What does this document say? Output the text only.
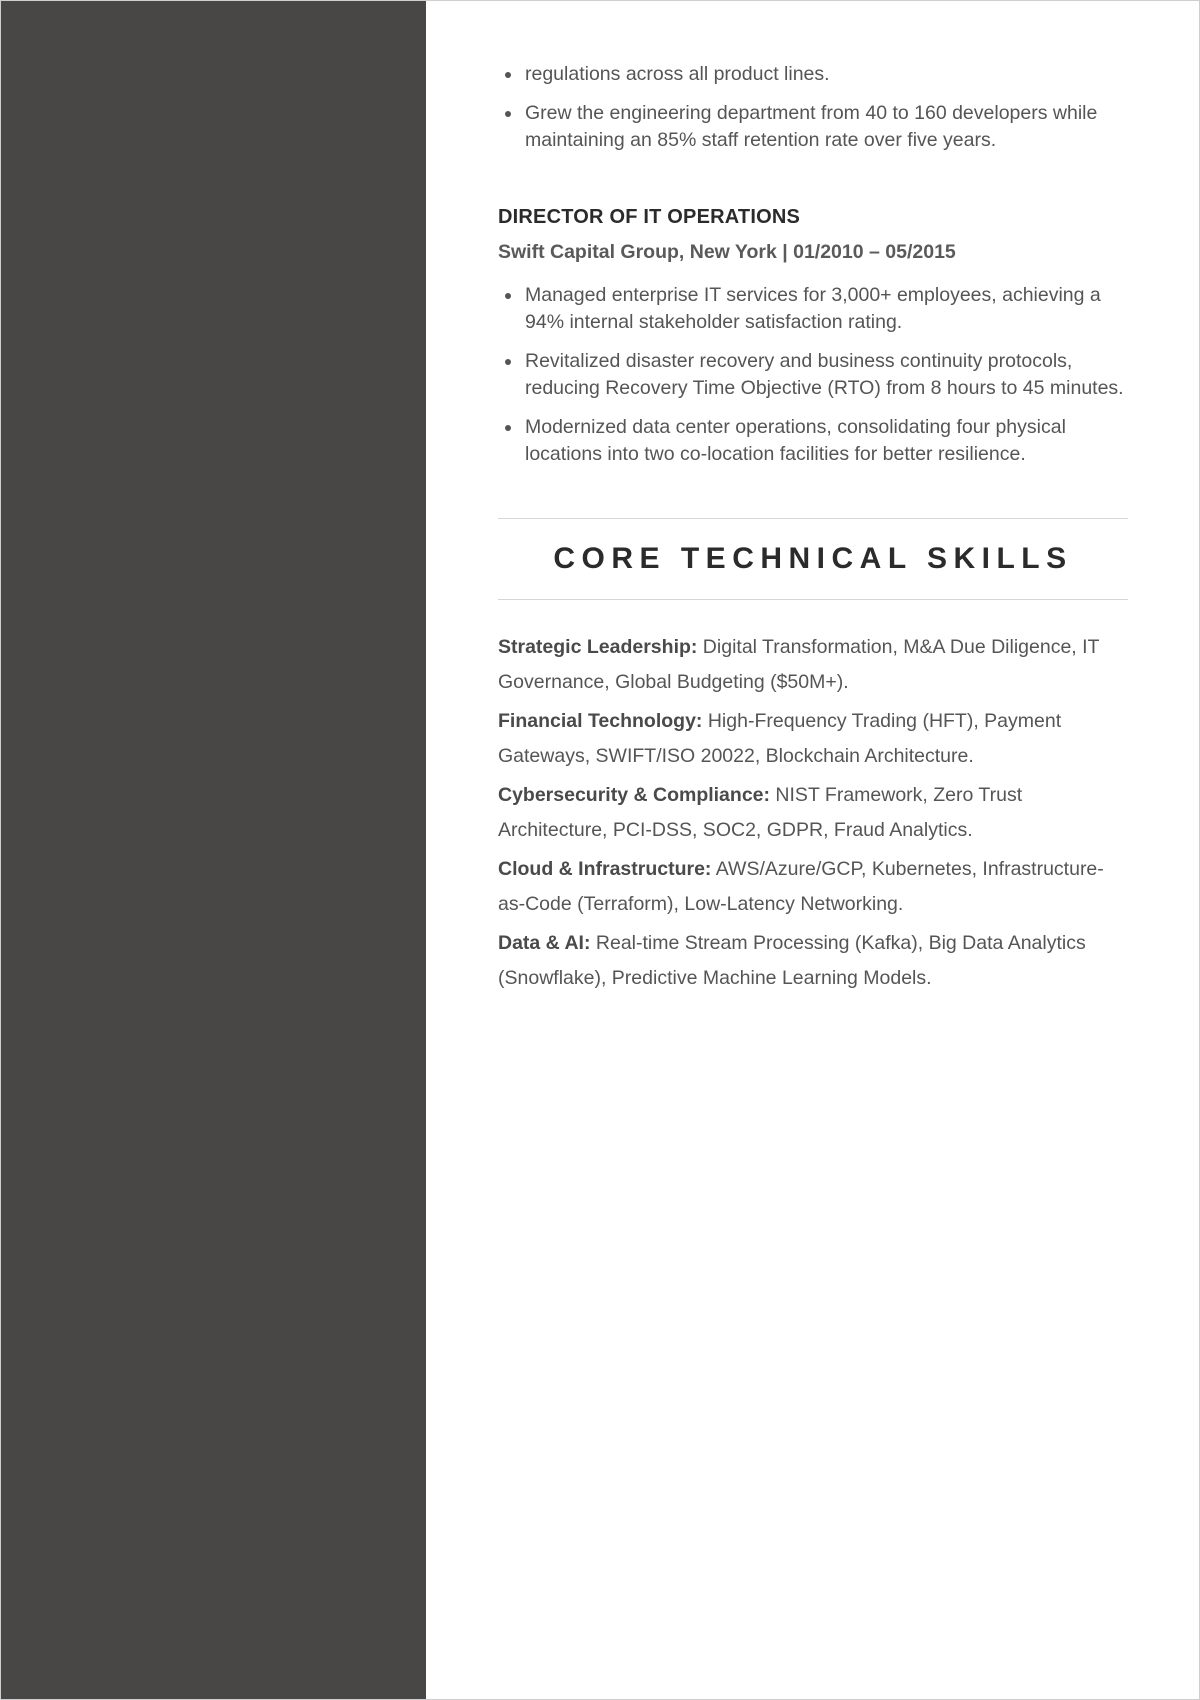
regulations across all product lines.
Grew the engineering department from 40 to 160 developers while maintaining an 85% staff retention rate over five years.
DIRECTOR OF IT OPERATIONS
Swift Capital Group, New York | 01/2010 – 05/2015
Managed enterprise IT services for 3,000+ employees, achieving a 94% internal stakeholder satisfaction rating.
Revitalized disaster recovery and business continuity protocols, reducing Recovery Time Objective (RTO) from 8 hours to 45 minutes.
Modernized data center operations, consolidating four physical locations into two co-location facilities for better resilience.
CORE TECHNICAL SKILLS
Strategic Leadership: Digital Transformation, M&A Due Diligence, IT Governance, Global Budgeting ($50M+).
Financial Technology: High-Frequency Trading (HFT), Payment Gateways, SWIFT/ISO 20022, Blockchain Architecture.
Cybersecurity & Compliance: NIST Framework, Zero Trust Architecture, PCI-DSS, SOC2, GDPR, Fraud Analytics.
Cloud & Infrastructure: AWS/Azure/GCP, Kubernetes, Infrastructure-as-Code (Terraform), Low-Latency Networking.
Data & AI: Real-time Stream Processing (Kafka), Big Data Analytics (Snowflake), Predictive Machine Learning Models.
